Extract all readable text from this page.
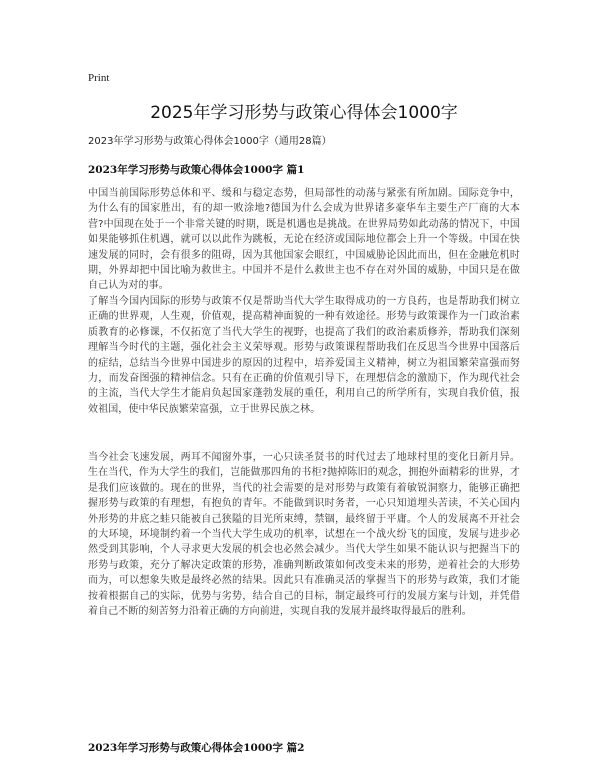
Print
2025年学习形势与政策心得体会1000字

2023年学习形势与政策心得体会1000字（通用28篇）

2023年学习形势与政策心得体会1000字 篇1

中国当前国际形势总体和平、缓和与稳定态势，但局部性的动荡与紧张有所加剧。国际竞争中，为什么有的国家胜出，有的却一败涂地?德国为什么会成为世界诸多豪华车主要生产厂商的大本营?中国现在处于一个非常关键的时期，既是机遇也是挑战。在世界局势如此动荡的情况下，中国如果能够抓住机遇，就可以以此作为跳板，无论在经济或国际地位都会上升一个等级。中国在快速发展的同时，会有很多的阻碍，因为其他国家会眼红，中国威胁论因此而出，但在金融危机时期，外界却把中国比喻为救世主。中国并不是什么救世主也不存在对外国的威胁，中国只是在做自己认为对的事。

了解当今国内国际的形势与政策不仅是帮助当代大学生取得成功的一方良药，也是帮助我们树立正确的世界观，人生观，价值观，提高精神面貌的一种有效途径。形势与政策课作为一门政治素质教育的必修课，不仅拓宽了当代大学生的视野，也提高了我们的政治素质修养，帮助我们深刻理解当今时代的主题，强化社会主义荣辱观。形势与政策课程帮助我们在反思当今世界中国落后的症结，总结当今世界中国进步的原因的过程中，培养爱国主义精神，树立为祖国繁荣富强而努力，而发奋图强的精神信念。只有在正确的价值观引导下，在理想信念的激励下，作为现代社会的主流，当代大学生才能肩负起国家蓬勃发展的重任，利用自己的所学所有，实现自我价值，报效祖国，使中华民族繁荣富强，立于世界民族之林。

当今社会飞速发展，两耳不闻窗外事，一心只读圣贤书的时代过去了地球村里的变化日新月异。生在当代，作为大学生的我们，岂能做那四角的书柜?抛掉陈旧的观念，拥抱外面精彩的世界，才是我们应该做的。现在的世界，当代的社会需要的是对形势与政策有着敏锐洞察力，能够正确把握形势与政策的有理想，有抱负的青年。不能做到识时务者，一心只知道埋头苦读，不关心国内外形势的井底之蛙只能被自己狭隘的目光所束缚，禁锢，最终留于平庸。个人的发展离不开社会的大环境，环境制约着一个当代大学生成功的机率，试想在一个战火纷飞的国度，发展与进步必然受到其影响，个人寻求更大发展的机会也必然会减少。当代大学生如果不能认识与把握当下的形势与政策，充分了解决定政策的形势，准确判断政策如何改变未来的形势，逆着社会的大形势而为，可以想象失败是最终必然的结果。因此只有准确灵活的掌握当下的形势与政策，我们才能按着根据自己的实际，优势与劣势，结合自己的目标，制定最终可行的发展方案与计划，并凭借着自己不断的刻苦努力沿着正确的方向前进，实现自我的发展并最终取得最后的胜利。

2023年学习形势与政策心得体会1000字 篇2
